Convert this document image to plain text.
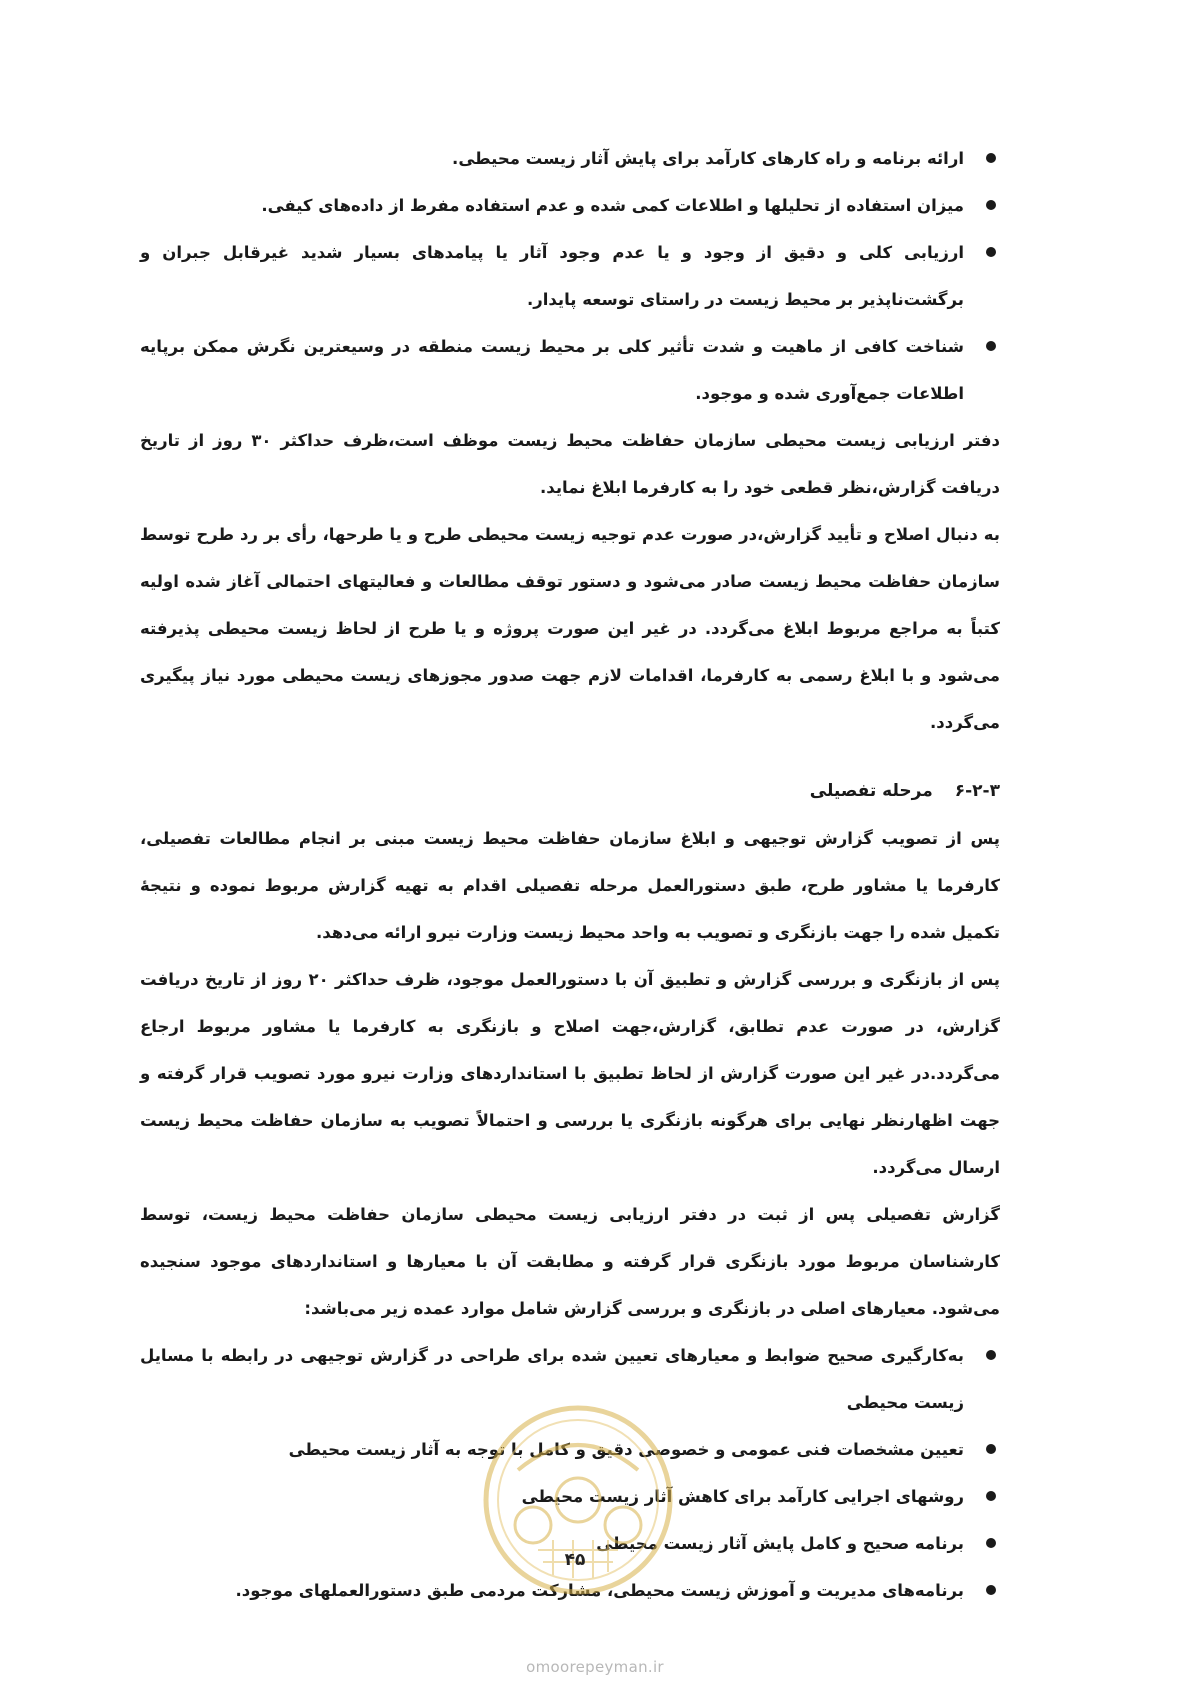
ارائه برنامه و راه کارهای کارآمد برای پایش آثار زیست محیطی.
میزان استفاده از تحلیلها و اطلاعات کمی شده و عدم استفاده مفرط از داده‌های کیفی.
ارزیابی کلی و دقیق از وجود و یا عدم وجود آثار یا پیامدهای بسیار شدید غیرقابل جبران و برگشت‌ناپذیر بر محیط زیست در راستای توسعه پایدار.
شناخت کافی از ماهیت و شدت تأثیر کلی بر محیط زیست منطقه در وسیعترین نگرش ممکن برپایه اطلاعات جمع‌آوری شده و موجود.

دفتر ارزیابی زیست محیطی سازمان حفاظت محیط زیست موظف است،ظرف حداکثر ۳۰ روز از تاریخ دریافت گزارش،نظر قطعی خود را به کارفرما ابلاغ نماید.

به دنبال اصلاح و تأیید گزارش،در صورت عدم توجیه زیست محیطی طرح و یا طرحها، رأی بر رد طرح توسط سازمان حفاظت محیط زیست صادر می‌شود و دستور توقف مطالعات و فعالیتهای احتمالی آغاز شده اولیه کتباً به مراجع مربوط ابلاغ می‌گردد. در غیر این صورت پروژه و یا طرح از لحاظ زیست محیطی پذیرفته می‌شود و با ابلاغ رسمی به کارفرما، اقدامات لازم جهت صدور مجوزهای زیست محیطی مورد نیاز پیگیری می‌گردد.

۶-۲-۳مرحله تفصیلی

پس از تصویب گزارش توجیهی و ابلاغ سازمان حفاظت محیط زیست مبنی بر انجام مطالعات تفصیلی، کارفرما یا مشاور طرح، طبق دستورالعمل مرحله تفصیلی اقدام به تهیه گزارش مربوط نموده و نتیجهٔ تکمیل شده را جهت بازنگری و تصویب به واحد محیط زیست وزارت نیرو ارائه می‌دهد.

پس از بازنگری و بررسی گزارش و تطبیق آن با دستورالعمل موجود، ظرف حداکثر ۲۰ روز از تاریخ دریافت گزارش، در صورت عدم تطابق، گزارش،جهت اصلاح و بازنگری به کارفرما یا مشاور مربوط ارجاع می‌گردد.در غیر این صورت گزارش از لحاظ تطبیق با استانداردهای وزارت نیرو مورد تصویب قرار گرفته و جهت اظهارنظر نهایی برای هرگونه بازنگری یا بررسی و احتمالاً تصویب به سازمان حفاظت محیط زیست ارسال می‌گردد.

گزارش تفصیلی پس از ثبت در دفتر ارزیابی زیست محیطی سازمان حفاظت محیط زیست، توسط کارشناسان مربوط مورد بازنگری قرار گرفته و مطابقت آن با معیارها و استانداردهای موجود سنجیده می‌شود. معیارهای اصلی در بازنگری و بررسی گزارش شامل موارد عمده زیر می‌باشد:

به‌کارگیری صحیح ضوابط و معیارهای تعیین شده برای طراحی در گزارش توجیهی در رابطه با مسایل زیست محیطی
تعیین مشخصات فنی عمومی و خصوصی دقیق و کامل با توجه به آثار زیست محیطی
روشهای اجرایی کارآمد برای کاهش آثار زیست محیطی
برنامه صحیح و کامل پایش آثار زیست محیطی
برنامه‌های مدیریت و آموزش زیست محیطی، مشارکت مردمی طبق دستورالعملهای موجود.
۴۵
omoorepeyman.ir
